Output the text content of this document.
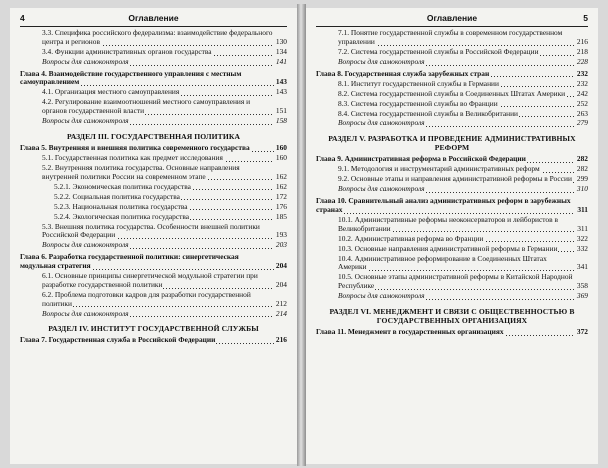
4	Оглавление
3.3. Специфика российского федерализма: взаимодействие федерального центра и регионов	130
3.4. Функции административных органов государства	134
Вопросы для самоконтроля	141
Глава 4. Взаимодействие государственного управления с местным самоуправлением	143
4.1. Организация местного самоуправления	143
4.2. Регулирование взаимоотношений местного самоуправления и органов государственной власти	151
Вопросы для самоконтроля	158
РАЗДЕЛ III. ГОСУДАРСТВЕННАЯ ПОЛИТИКА
Глава 5. Внутренняя и внешняя политика современного государства	160
5.1. Государственная политика как предмет исследования	160
5.2. Внутренняя политика государства. Основные направления внутренней политики России на современном этапе	162
5.2.1. Экономическая политика государства	162
5.2.2. Социальная политика государства	172
5.2.3. Национальная политика государства	176
5.2.4. Экологическая политика государства	185
5.3. Внешняя политика государства. Особенности внешней политики Российской Федерации	193
Вопросы для самоконтроля	203
Глава 6. Разработка государственной политики: синергетическая модульная стратегия	204
6.1. Основные принципы синергетической модульной стратегии при разработке государственной политики	204
6.2. Проблема подготовки кадров для разработки государственной политики	212
Вопросы для самоконтроля	214
РАЗДЕЛ IV. ИНСТИТУТ ГОСУДАРСТВЕННОЙ СЛУЖБЫ
Глава 7. Государственная служба в Российской Федерации	216
Оглавление	5
7.1. Понятие государственной службы в современном государственном управлении	216
7.2. Система государственной службы в Российской Федерации	218
Вопросы для самоконтроля	228
Глава 8. Государственная служба зарубежных стран	232
8.1. Институт государственной службы в Германии	232
8.2. Система государственной службы в Соединенных Штатах Америки	242
8.3. Система государственной службы во Франции	252
8.4. Система государственной службы в Великобритании	263
Вопросы для самоконтроля	279
РАЗДЕЛ V. РАЗРАБОТКА И ПРОВЕДЕНИЕ АДМИНИСТРАТИВНЫХ РЕФОРМ
Глава 9. Административная реформа в Российской Федерации	282
9.1. Методология и инструментарий административных реформ	282
9.2. Основные этапы и направления административной реформы в России 299
Вопросы для самоконтроля	310
Глава 10. Сравнительный анализ административных реформ в зарубежных странах	311
10.1. Административные реформы неоконсерваторов и лейбористов в Великобритании	311
10.2. Административная реформа во Франции	322
10.3. Основные направления административной реформы в Германии	332
10.4. Административное реформирование в Соединенных Штатах Америки	341
10.5. Основные этапы административной реформы в Китайской Народной Республике	358
Вопросы для самоконтроля	369
РАЗДЕЛ VI. МЕНЕДЖМЕНТ И СВЯЗИ С ОБЩЕСТВЕННОСТЬЮ В ГОСУДАРСТВЕННЫХ ОРГАНИЗАЦИЯХ
Глава 11. Менеджмент в государственных организациях	372
